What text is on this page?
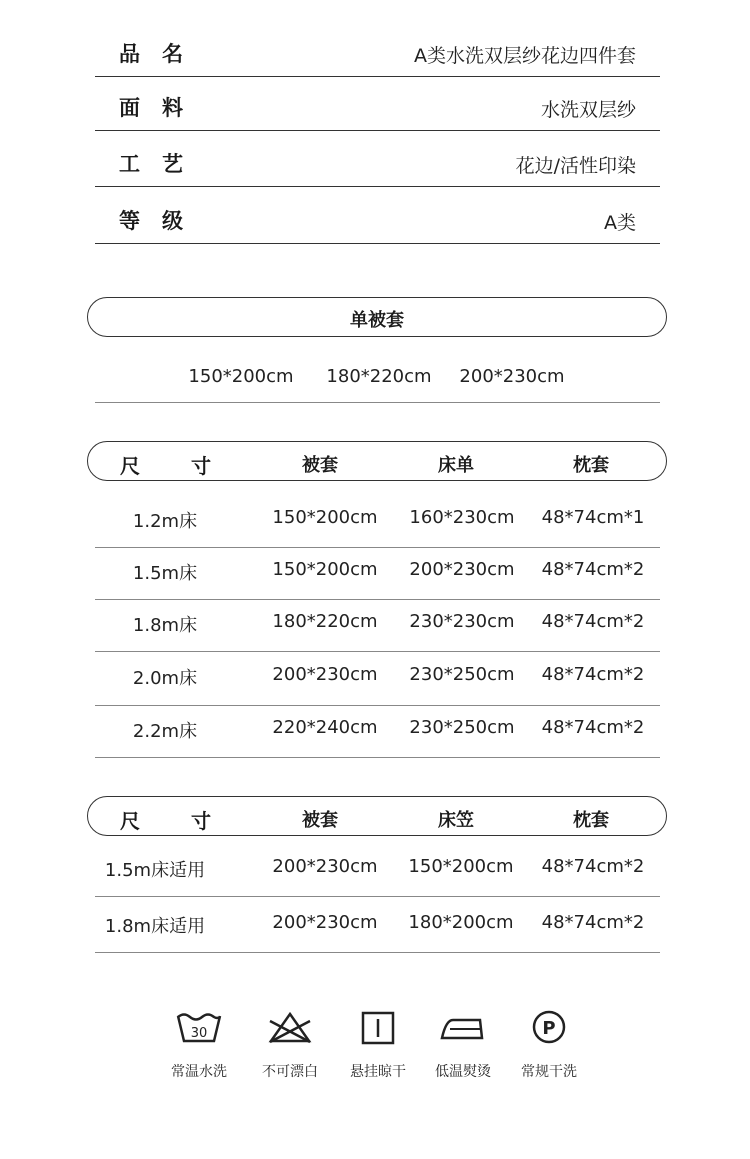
品名	A类水洗双层纱花边四件套
面料	水洗双层纱
工艺	花边/活性印染
等级	A类
单被套
150*200cm 180*220cm 200*230cm
尺 寸	被套	床单	枕套
1.2m床	150*200cm 160*230cm 48*74cm*1
1.5m床	150*200cm 200*230cm 48*74cm*2
1.8m床	180*220cm 230*230cm 48*74cm*2
2.0m床	200*230cm 230*250cm 48*74cm*2
2.2m床	220*240cm 230*250cm 48*74cm*2
尺 寸	被套	床笠	枕套
1.5m床适用	200*230cm 150*200cm 48*74cm*2
1.8m床适用	200*230cm 180*200cm 48*74cm*2
30
常温水洗	不可漂白	悬挂晾干	低温熨烫
P
常规干洗
